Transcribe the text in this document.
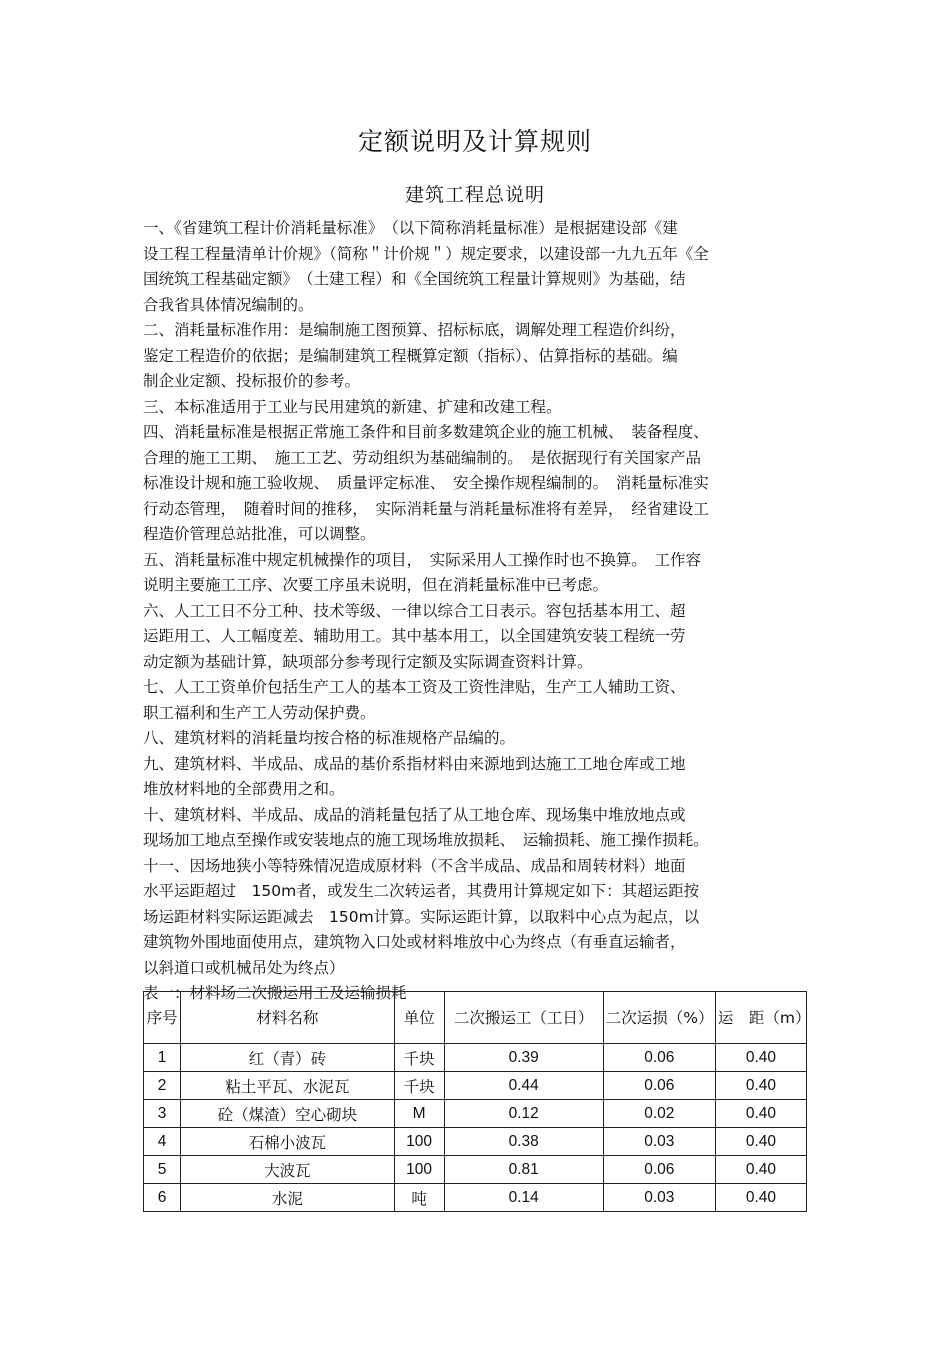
定额说明及计算规则
建筑工程总说明
一、《省建筑工程计价消耗量标准》　（以下简称消耗量标准）是根据建设部《建
设工程工程量清单计价规》（简称＂计价规＂）规定要求，以建设部一九九五年《全
国统筑工程基础定额》　（土建工程）和《全国统筑工程量计算规则》为基础，结
合我省具体情况编制的。
二、消耗量标准作用：是编制施工图预算、招标标底，调解处理工程造价纠纷，
鉴定工程造价的依据；是编制建筑工程概算定额（指标）、估算指标的基础。编
制企业定额、投标报价的参考。
三、本标准适用于工业与民用建筑的新建、扩建和改建工程。
四、消耗量标准是根据正常施工条件和目前多数建筑企业的施工机械、　装备程度、
合理的施工工期、　施工工艺、劳动组织为基础编制的。　是依据现行有关国家产品
标准设计规和施工验收规、　质量评定标准、　安全操作规程编制的。　消耗量标准实
行动态管理，　随着时间的推移，　实际消耗量与消耗量标准将有差异，　经省建设工
程造价管理总站批准，可以调整。
五、消耗量标准中规定机械操作的项目，　实际采用人工操作时也不换算。　工作容
说明主要施工工序、次要工序虽未说明，但在消耗量标准中已考虑。
六、人工工日不分工种、技术等级、一律以综合工日表示。容包括基本用工、超
运距用工、人工幅度差、辅助用工。其中基本用工，以全国建筑安装工程统一劳
动定额为基础计算，缺项部分参考现行定额及实际调查资料计算。
七、人工工资单价包括生产工人的基本工资及工资性津贴，生产工人辅助工资、
职工福利和生产工人劳动保护费。
八、建筑材料的消耗量均按合格的标准规格产品编的。
九、建筑材料、半成品、成品的基价系指材料由来源地到达施工工地仓库或工地
堆放材料地的全部费用之和。
十、建筑材料、半成品、成品的消耗量包括了从工地仓库、现场集中堆放地点或
现场加工地点至操作或安装地点的施工现场堆放损耗、　运输损耗、施工操作损耗。
十一、因场地狭小等特殊情况造成原材料（不含半成品、成品和周转材料）地面
水平运距超过　150m者，或发生二次转运者，其费用计算规定如下：其超运距按
场运距材料实际运距减去　150m计算。实际运距计算，以取料中心点为起点，以
建筑物外围地面使用点，建筑物入口处或材料堆放中心为终点（有垂直运输者，
以斜道口或机械吊处为终点）
表一：材料场二次搬运用工及运输损耗
序号	材料名称	单位	二次搬运工（工日）	二次运损（%）	运　距（m）
1	红（青）砖	千块	0.39	0.06	0.40
2	粘土平瓦、水泥瓦	千块	0.44	0.06	0.40
3	砼（煤渣）空心砌块	M	0.12	0.02	0.40
4	石棉小波瓦	100	0.38	0.03	0.40
5	大波瓦	100	0.81	0.06	0.40
6	水泥	吨	0.14	0.03	0.40
